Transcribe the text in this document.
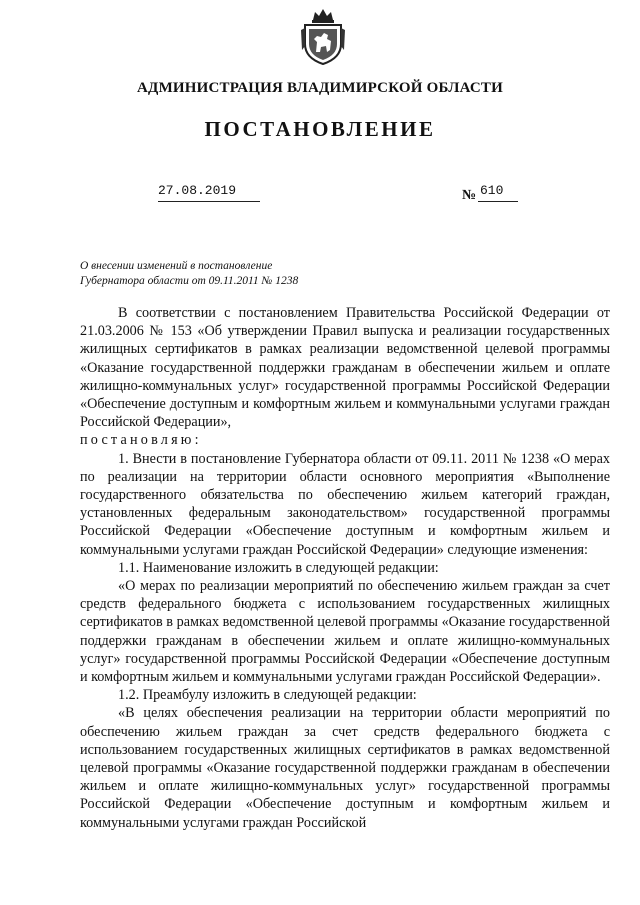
АДМИНИСТРАЦИЯ ВЛАДИМИРСКОЙ ОБЛАСТИ
ПОСТАНОВЛЕНИЕ
27.08.2019	№ 610
О внесении изменений в постановление
Губернатора области от 09.11.2011 № 1238

В соответствии с постановлением Правительства Российской Федерации от 21.03.2006 № 153 «Об утверждении Правил выпуска и реализации государственных жилищных сертификатов в рамках реализации ведомственной целевой программы «Оказание государственной поддержки гражданам в обеспечении жильем и оплате жилищно-коммунальных услуг» государственной программы Российской Федерации «Обеспечение доступным и комфортным жильем и коммунальными услугами граждан Российской Федерации»,
постановляю:

1. Внести в постановление Губернатора области от 09.11. 2011 № 1238 «О мерах по реализации на территории области основного мероприятия «Выполнение государственного обязательства по обеспечению жильем категорий граждан, установленных федеральным законодательством» государственной программы Российской Федерации «Обеспечение доступным и комфортным жильем и коммунальными услугами граждан Российской Федерации» следующие изменения:

1.1. Наименование изложить в следующей редакции:

«О мерах по реализации мероприятий по обеспечению жильем граждан за счет средств федерального бюджета с использованием государственных жилищных сертификатов в рамках ведомственной целевой программы «Оказание государственной поддержки гражданам в обеспечении жильем и оплате жилищно-коммунальных услуг» государственной программы Российской Федерации «Обеспечение доступным и комфортным жильем и коммунальными услугами граждан Российской Федерации».

1.2. Преамбулу изложить в следующей редакции:

«В целях обеспечения реализации на территории области мероприятий по обеспечению жильем граждан за счет средств федерального бюджета с использованием государственных жилищных сертификатов в рамках ведомственной целевой программы «Оказание государственной поддержки гражданам в обеспечении жильем и оплате жилищно-коммунальных услуг» государственной программы Российской Федерации «Обеспечение доступным и комфортным жильем и коммунальными услугами граждан Российской
